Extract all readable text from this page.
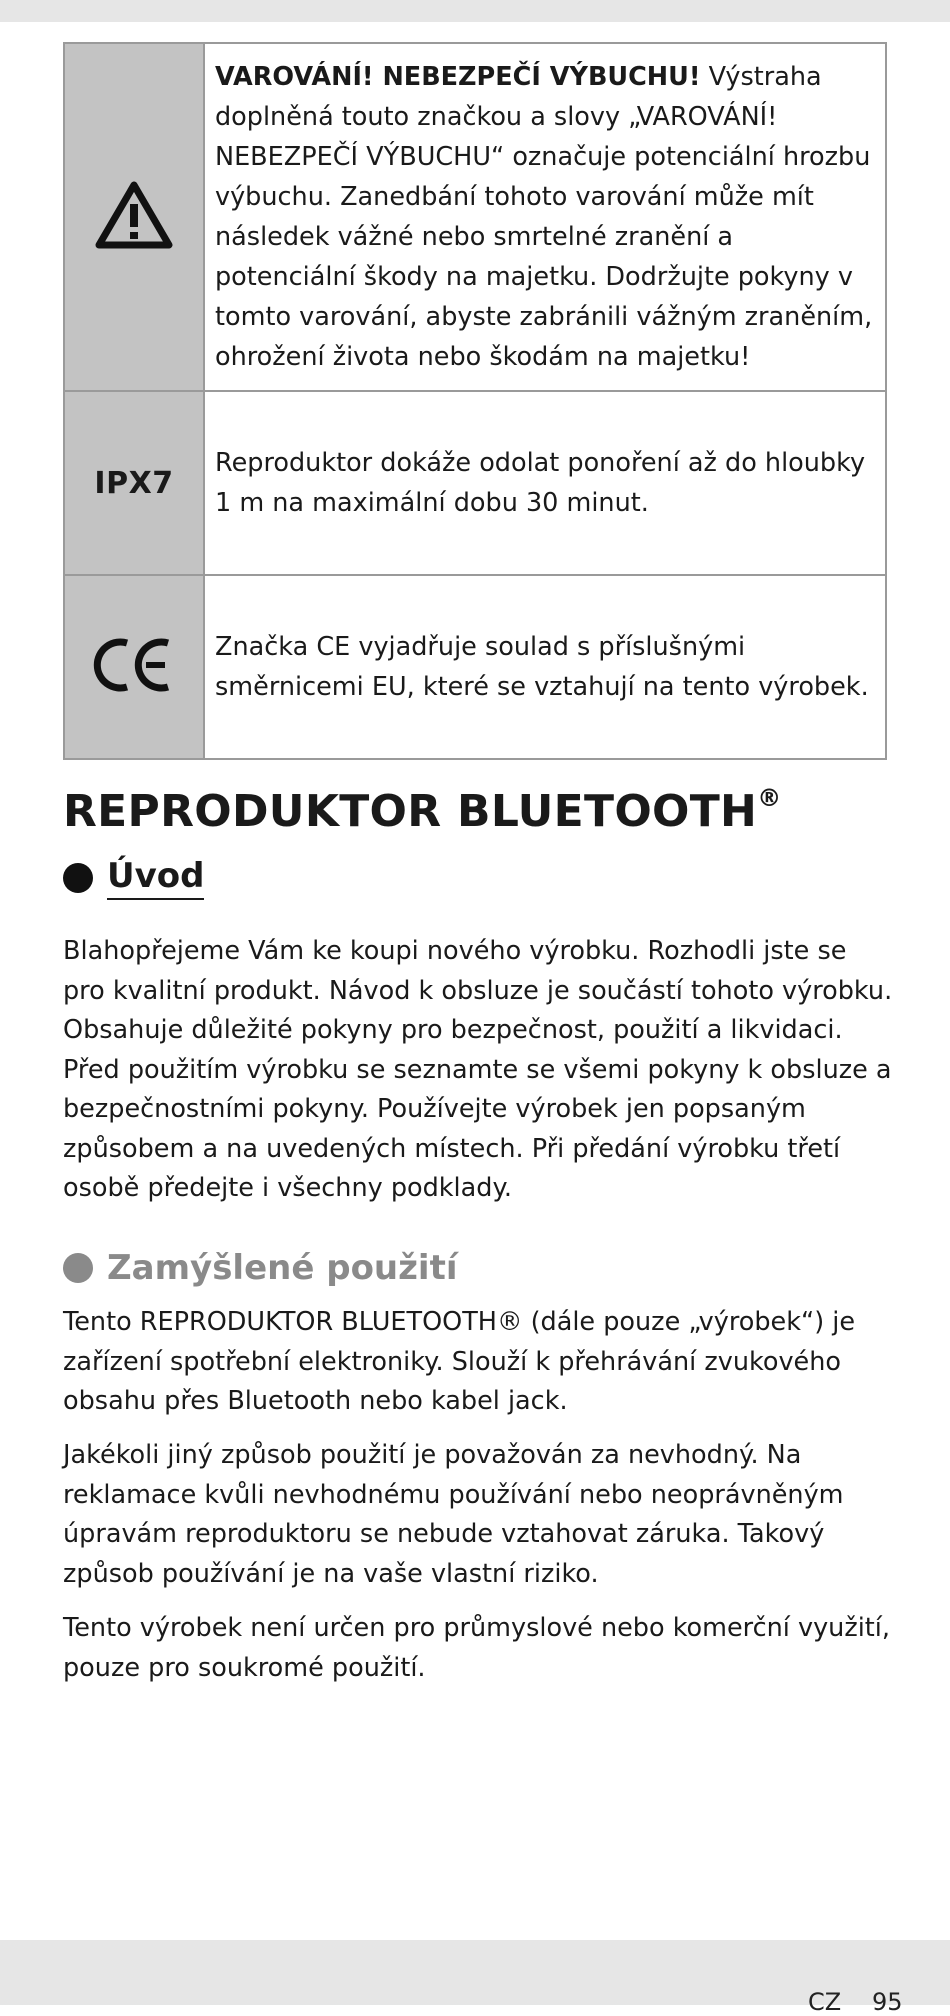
	VAROVÁNÍ! NEBEZPEČÍ VÝBUCHU! Výstraha doplněná touto značkou a slovy „VAROVÁNÍ! NEBEZPEČÍ VÝBUCHU“ označuje potenciální hrozbu výbuchu. Zanedbání tohoto varování může mít následek vážné nebo smrtelné zranění a potenciální škody na majetku. Dodržujte pokyny v tomto varování, abyste zabránili vážným zraněním, ohrožení života nebo škodám na majetku!
IPX7	Reproduktor dokáže odolat ponoření až do hloubky 1 m na maximální dobu 30 minut.
	Značka CE vyjadřuje soulad s příslušnými směrnicemi EU, které se vztahují na tento výrobek.
REPRODUKTOR BLUETOOTH®
Úvod

Blahopřejeme Vám ke koupi nového výrobku. Rozhodli jste se pro kvalitní produkt. Návod k obsluze je součástí tohoto výrobku. Obsahuje důležité pokyny pro bezpečnost, použití a likvidaci. Před použitím výrobku se seznamte se všemi pokyny k obsluze a bezpečnostními pokyny. Používejte výrobek jen popsaným způsobem a na uvedených místech. Při předání výrobku třetí osobě předejte i všechny podklady.

Zamýšlené použití

Tento REPRODUKTOR BLUETOOTH® (dále pouze „výrobek“) je zařízení spotřební elektroniky. Slouží k přehrávání zvukového obsahu přes Bluetooth nebo kabel jack.

Jakékoli jiný způsob použití je považován za nevhodný. Na reklamace kvůli nevhodnému používání nebo neoprávněným úpravám reproduktoru se nebude vztahovat záruka. Takový způsob používání je na vaše vlastní riziko.

Tento výrobek není určen pro průmyslové nebo komerční využití, pouze pro soukromé použití.

CZ 95
